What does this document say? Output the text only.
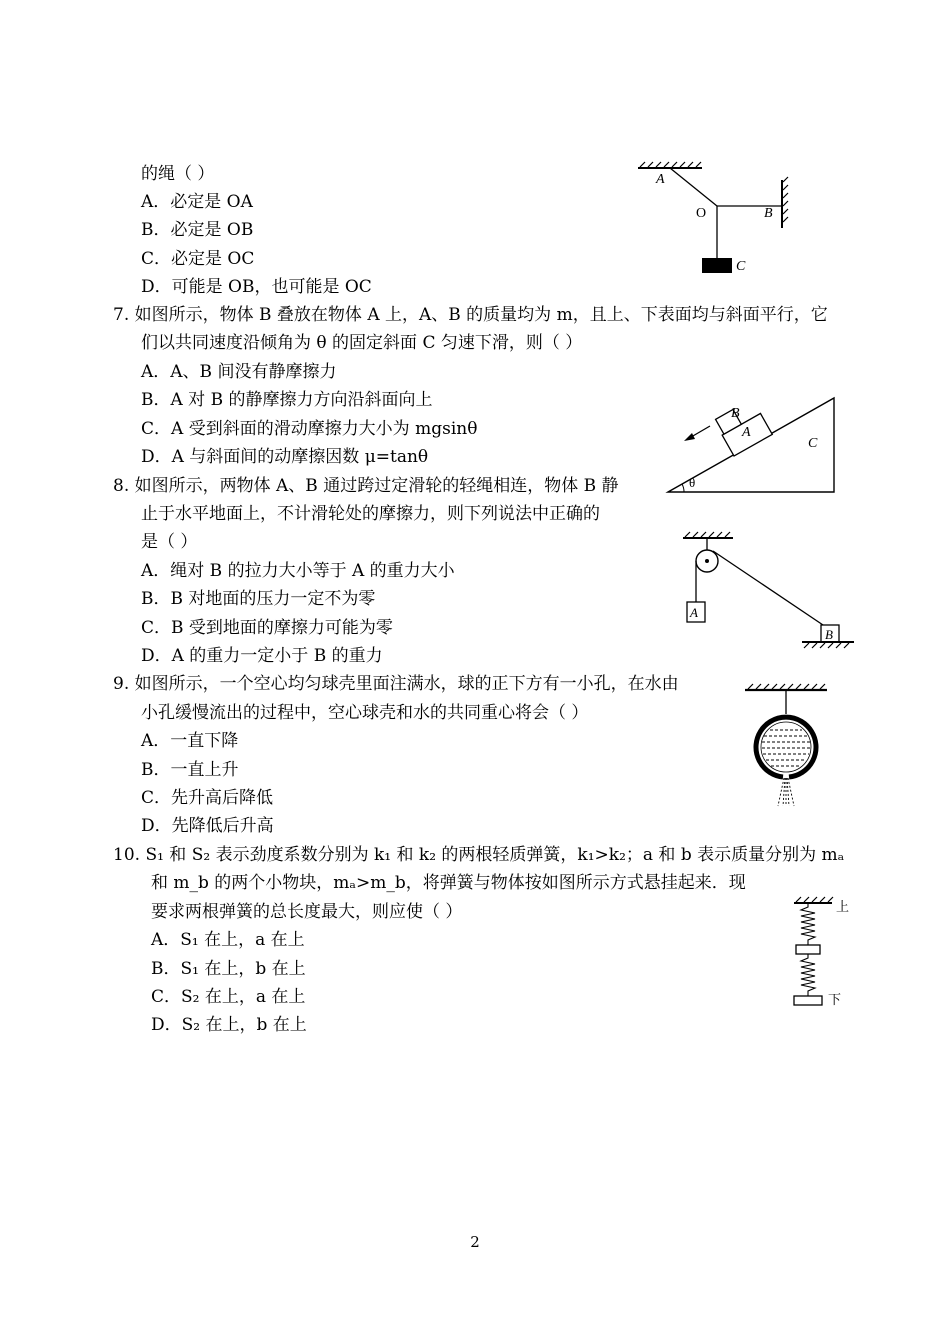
的绳（ ）
A．必定是 OA
B．必定是 OB
C．必定是 OC
D．可能是 OB，也可能是 OC
A
O	B
C
7. 如图所示，物体 B 叠放在物体 A 上，A、B 的质量均为 m，且上、下表面均与斜面平行，它
们以共同速度沿倾角为 θ 的固定斜面 C 匀速下滑，则（ ）
A．A、B 间没有静摩擦力
B．A 对 B 的静摩擦力方向沿斜面向上
C．A 受到斜面的滑动摩擦力大小为 mgsinθ
D．A 与斜面间的动摩擦因数 μ=tanθ
A
B
C
θ
8. 如图所示，两物体 A、B 通过跨过定滑轮的轻绳相连，物体 B 静
止于水平地面上，不计滑轮处的摩擦力，则下列说法中正确的
是（ ）
A．绳对 B 的拉力大小等于 A 的重力大小
B．B 对地面的压力一定不为零
C．B 受到地面的摩擦力可能为零
D．A 的重力一定小于 B 的重力
A
B
9. 如图所示，一个空心均匀球壳里面注满水，球的正下方有一小孔，在水由
小孔缓慢流出的过程中，空心球壳和水的共同重心将会（ ）
A．一直下降
B．一直上升
C．先升高后降低
D．先降低后升高
10. S₁ 和 S₂ 表示劲度系数分别为 k₁ 和 k₂ 的两根轻质弹簧，k₁>k₂；a 和 b 表示质量分别为 mₐ
和 m_b 的两个小物块，mₐ>m_b，将弹簧与物体按如图所示方式悬挂起来．现
要求两根弹簧的总长度最大，则应使（ ）
A．S₁ 在上，a 在上
B．S₁ 在上，b 在上
C．S₂ 在上，a 在上
D．S₂ 在上，b 在上
上
下
2
